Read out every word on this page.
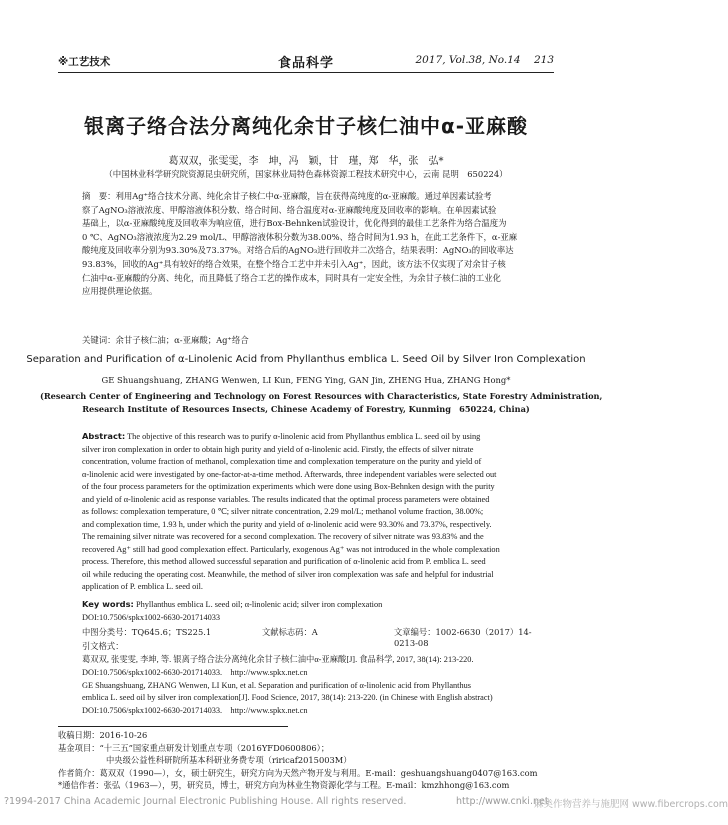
※工艺技术	食品科学	2017, Vol.38, No.14 213
银离子络合法分离纯化余甘子核仁油中α-亚麻酸
葛双双，张雯雯，李　坤，冯　颖，甘　瑾，郑　华，张　弘*
（中国林业科学研究院资源昆虫研究所，国家林业局特色森林资源工程技术研究中心，云南 昆明　650224）
摘　要：利用Ag⁺络合技术分离、纯化余甘子核仁中α-亚麻酸，旨在获得高纯度的α-亚麻酸。通过单因素试验考
察了AgNO₃溶液浓度、甲醇溶液体积分数、络合时间、络合温度对α-亚麻酸纯度及回收率的影响。在单因素试验
基础上，以α-亚麻酸纯度及回收率为响应值，进行Box-Behnken试验设计，优化得到的最佳工艺条件为络合温度为
0 ℃、AgNO₃溶液浓度为2.29 mol/L、甲醇溶液体积分数为38.00%、络合时间为1.93 h，在此工艺条件下，α-亚麻
酸纯度及回收率分别为93.30%及73.37%。对络合后的AgNO₃进行回收并二次络合，结果表明：AgNO₃的回收率达
93.83%，回收的Ag⁺具有较好的络合效果，在整个络合工艺中并未引入Ag⁺，因此，该方法不仅实现了对余甘子核
仁油中α-亚麻酸的分离、纯化，而且降低了络合工艺的操作成本，同时具有一定安全性，为余甘子核仁油的工业化
应用提供理论依据。
关键词：余甘子核仁油；α-亚麻酸；Ag⁺络合
Separation and Purification of α-Linolenic Acid from Phyllanthus emblica L. Seed Oil by Silver Iron Complexation
GE Shuangshuang, ZHANG Wenwen, LI Kun, FENG Ying, GAN Jin, ZHENG Hua, ZHANG Hong*
(Research Center of Engineering and Technology on Forest Resources with Characteristics, State Forestry Administration,
Research Institute of Resources Insects, Chinese Academy of Forestry, Kunming　650224, China)
Abstract: The objective of this research was to purify α-linolenic acid from Phyllanthus emblica L. seed oil by using
silver iron complexation in order to obtain high purity and yield of α-linolenic acid. Firstly, the effects of silver nitrate
concentration, volume fraction of methanol, complexation time and complexation temperature on the purity and yield of
α-linolenic acid were investigated by one-factor-at-a-time method. Afterwards, three independent variables were selected out
of the four process parameters for the optimization experiments which were done using Box-Behnken design with the purity
and yield of α-linolenic acid as response variables. The results indicated that the optimal process parameters were obtained
as follows: complexation temperature, 0 ℃; silver nitrate concentration, 2.29 mol/L; methanol volume fraction, 38.00%;
and complexation time, 1.93 h, under which the purity and yield of α-linolenic acid were 93.30% and 73.37%, respectively.
The remaining silver nitrate was recovered for a second complexation. The recovery of silver nitrate was 93.83% and the
recovered Ag⁺ still had good complexation effect. Particularly, exogenous Ag⁺ was not introduced in the whole complexation
process. Therefore, this method allowed successful separation and purification of α-linolenic acid from P. emblica L. seed
oil while reducing the operating cost. Meanwhile, the method of silver iron complexation was safe and helpful for industrial
application of P. emblica L. seed oil.
Key words: Phyllanthus emblica L. seed oil; α-linolenic acid; silver iron complexation
DOI:10.7506/spkx1002-6630-201714033
中图分类号：TQ645.6；TS225.1	文献标志码：A	文章编号：1002-6630（2017）14-0213-08
引文格式：
葛双双, 张雯雯, 李坤, 等. 银离子络合法分离纯化余甘子核仁油中α-亚麻酸[J]. 食品科学, 2017, 38(14): 213-220.
DOI:10.7506/spkx1002-6630-201714033.　http://www.spkx.net.cn
GE Shuangshuang, ZHANG Wenwen, LI Kun, et al. Separation and purification of α-linolenic acid from Phyllanthus
emblica L. seed oil by silver iron complexation[J]. Food Science, 2017, 38(14): 213-220. (in Chinese with English abstract)
DOI:10.7506/spkx1002-6630-201714033.　http://www.spkx.net.cn
收稿日期：2016-10-26
基金项目：“十三五”国家重点研发计划重点专项（2016YFD0600806）；
中央级公益性科研院所基本科研业务费专项（riricaf2015003M）
作者简介：葛双双（1990—），女，硕士研究生，研究方向为天然产物开发与利用。E-mail：geshuangshuang0407@163.com
*通信作者：张弘（1963—），男，研究员，博士，研究方向为林业生物资源化学与工程。E-mail：kmzhhong@163.com
?1994-2017 China Academic Journal Electronic Publishing House. All rights reserved.	http://www.cnki.net
麻类作物营养与施肥网 www.fibercrops.com
